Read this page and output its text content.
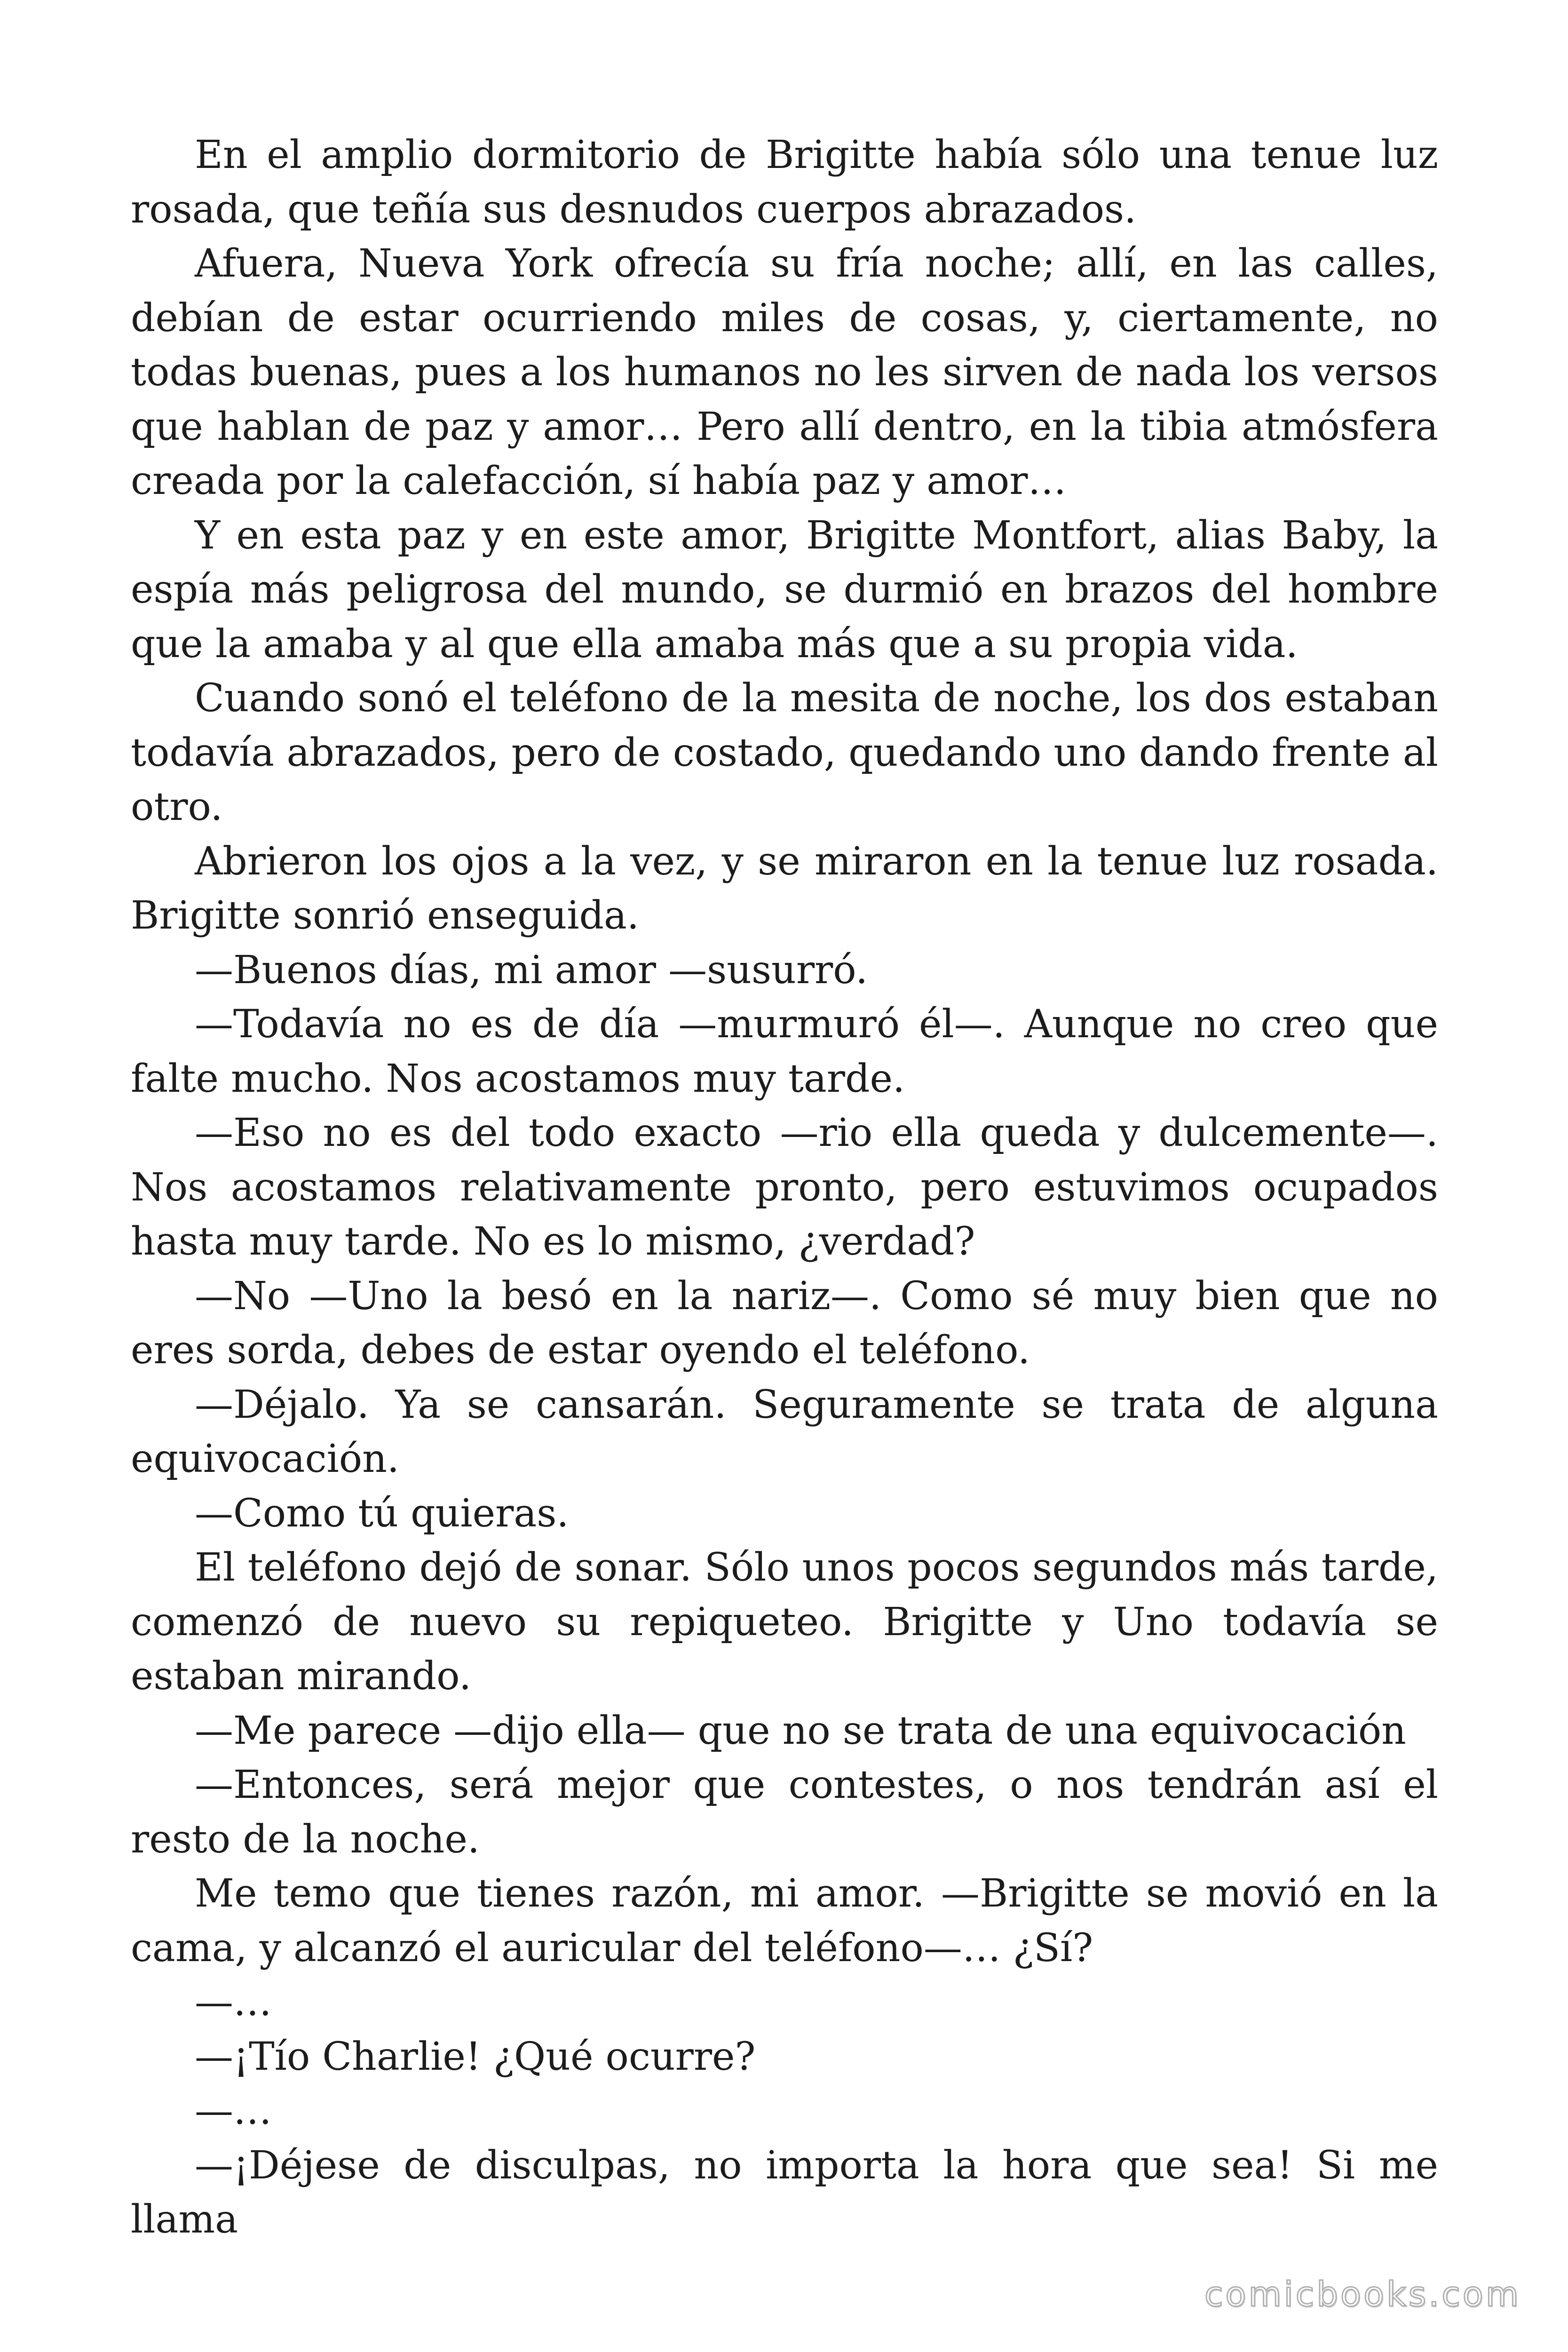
En el amplio dormitorio de Brigitte había sólo una tenue luz rosada, que teñía sus desnudos cuerpos abrazados.

Afuera, Nueva York ofrecía su fría noche; allí, en las calles, debían de estar ocurriendo miles de cosas, y, ciertamente, no todas buenas, pues a los humanos no les sirven de nada los versos que hablan de paz y amor… Pero allí dentro, en la tibia atmósfera creada por la calefacción, sí había paz y amor…

Y en esta paz y en este amor, Brigitte Montfort, alias Baby, la espía más peligrosa del mundo, se durmió en brazos del hombre que la amaba y al que ella amaba más que a su propia vida.

Cuando sonó el teléfono de la mesita de noche, los dos estaban todavía abrazados, pero de costado, quedando uno dando frente al otro.

Abrieron los ojos a la vez, y se miraron en la tenue luz rosada. Brigitte sonrió enseguida.

—Buenos días, mi amor —susurró.

—Todavía no es de día —murmuró él—. Aunque no creo que falte mucho. Nos acostamos muy tarde.

—Eso no es del todo exacto —rio ella queda y dulcemente—. Nos acostamos relativamente pronto, pero estuvimos ocupados hasta muy tarde. No es lo mismo, ¿verdad?

—No —Uno la besó en la nariz—. Como sé muy bien que no eres sorda, debes de estar oyendo el teléfono.

—Déjalo. Ya se cansarán. Seguramente se trata de alguna equivocación.

—Como tú quieras.

El teléfono dejó de sonar. Sólo unos pocos segundos más tarde, comenzó de nuevo su repiqueteo. Brigitte y Uno todavía se estaban mirando.

—Me parece —dijo ella— que no se trata de una equivocación

—Entonces, será mejor que contestes, o nos tendrán así el resto de la noche.

Me temo que tienes razón, mi amor. —Brigitte se movió en la cama, y alcanzó el auricular del teléfono—… ¿Sí?

—…

—¡Tío Charlie! ¿Qué ocurre?

—…

—¡Déjese de disculpas, no importa la hora que sea! Si me llama

comicbooks.com
